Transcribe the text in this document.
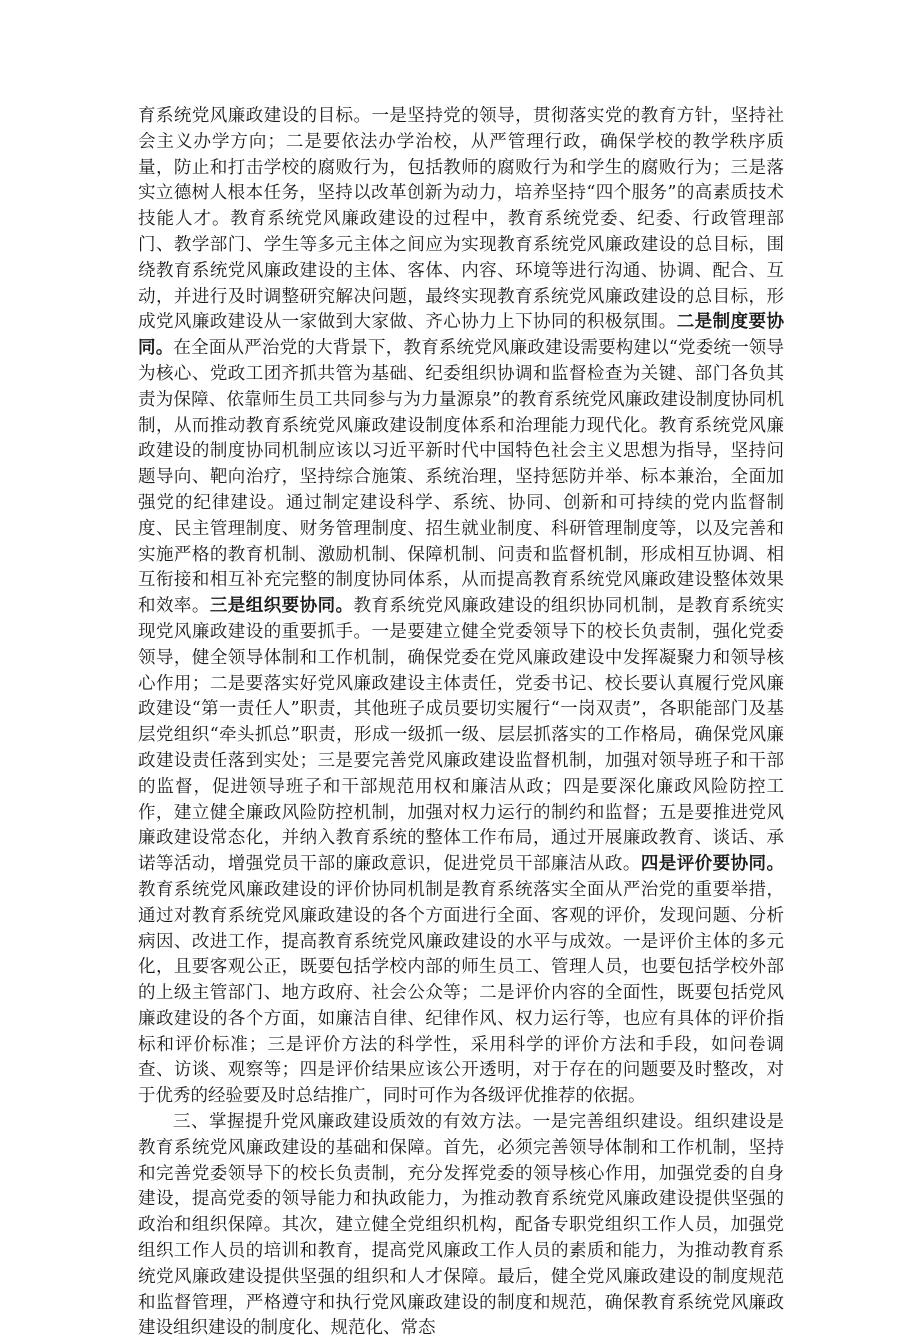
育系统党风廉政建设的目标。一是坚持党的领导，贯彻落实党的教育方针，坚持社会主义办学方向；二是要依法办学治校，从严管理行政，确保学校的教学秩序质量，防止和打击学校的腐败行为，包括教师的腐败行为和学生的腐败行为；三是落实立德树人根本任务，坚持以改革创新为动力，培养坚持“四个服务”的高素质技术技能人才。教育系统党风廉政建设的过程中，教育系统党委、纪委、行政管理部门、教学部门、学生等多元主体之间应为实现教育系统党风廉政建设的总目标，围绕教育系统党风廉政建设的主体、客体、内容、环境等进行沟通、协调、配合、互动，并进行及时调整研究解决问题，最终实现教育系统党风廉政建设的总目标，形成党风廉政建设从一家做到大家做、齐心协力上下协同的积极氛围。二是制度要协同。在全面从严治党的大背景下，教育系统党风廉政建设需要构建以“党委统一领导为核心、党政工团齐抓共管为基础、纪委组织协调和监督检查为关键、部门各负其责为保障、依靠师生员工共同参与为力量源泉”的教育系统党风廉政建设制度协同机制，从而推动教育系统党风廉政建设制度体系和治理能力现代化。教育系统党风廉政建设的制度协同机制应该以习近平新时代中国特色社会主义思想为指导，坚持问题导向、靶向治疗，坚持综合施策、系统治理，坚持惩防并举、标本兼治，全面加强党的纪律建设。通过制定建设科学、系统、协同、创新和可持续的党内监督制度、民主管理制度、财务管理制度、招生就业制度、科研管理制度等，以及完善和实施严格的教育机制、激励机制、保障机制、问责和监督机制，形成相互协调、相互衔接和相互补充完整的制度协同体系，从而提高教育系统党风廉政建设整体效果和效率。三是组织要协同。教育系统党风廉政建设的组织协同机制，是教育系统实现党风廉政建设的重要抓手。一是要建立健全党委领导下的校长负责制，强化党委领导，健全领导体制和工作机制，确保党委在党风廉政建设中发挥凝聚力和领导核心作用；二是要落实好党风廉政建设主体责任，党委书记、校长要认真履行党风廉政建设“第一责任人”职责，其他班子成员要切实履行“一岗双责”，各职能部门及基层党组织“牵头抓总”职责，形成一级抓一级、层层抓落实的工作格局，确保党风廉政建设责任落到实处；三是要完善党风廉政建设监督机制，加强对领导班子和干部的监督，促进领导班子和干部规范用权和廉洁从政；四是要深化廉政风险防控工作，建立健全廉政风险防控机制，加强对权力运行的制约和监督；五是要推进党风廉政建设常态化，并纳入教育系统的整体工作布局，通过开展廉政教育、谈话、承诺等活动，增强党员干部的廉政意识，促进党员干部廉洁从政。四是评价要协同。教育系统党风廉政建设的评价协同机制是教育系统落实全面从严治党的重要举措，通过对教育系统党风廉政建设的各个方面进行全面、客观的评价，发现问题、分析病因、改进工作，提高教育系统党风廉政建设的水平与成效。一是评价主体的多元化，且要客观公正，既要包括学校内部的师生员工、管理人员，也要包括学校外部的上级主管部门、地方政府、社会公众等；二是评价内容的全面性，既要包括党风廉政建设的各个方面，如廉洁自律、纪律作风、权力运行等，也应有具体的评价指标和评价标准；三是评价方法的科学性，采用科学的评价方法和手段，如问卷调查、访谈、观察等；四是评价结果应该公开透明，对于存在的问题要及时整改，对于优秀的经验要及时总结推广，同时可作为各级评优推荐的依据。

三、掌握提升党风廉政建设质效的有效方法。一是完善组织建设。组织建设是教育系统党风廉政建设的基础和保障。首先，必须完善领导体制和工作机制，坚持和完善党委领导下的校长负责制，充分发挥党委的领导核心作用，加强党委的自身建设，提高党委的领导能力和执政能力，为推动教育系统党风廉政建设提供坚强的政治和组织保障。其次，建立健全党组织机构，配备专职党组织工作人员，加强党组织工作人员的培训和教育，提高党风廉政工作人员的素质和能力，为推动教育系统党风廉政建设提供坚强的组织和人才保障。最后，健全党风廉政建设的制度规范和监督管理，严格遵守和执行党风廉政建设的制度和规范，确保教育系统党风廉政建设组织建设的制度化、规范化、常态
